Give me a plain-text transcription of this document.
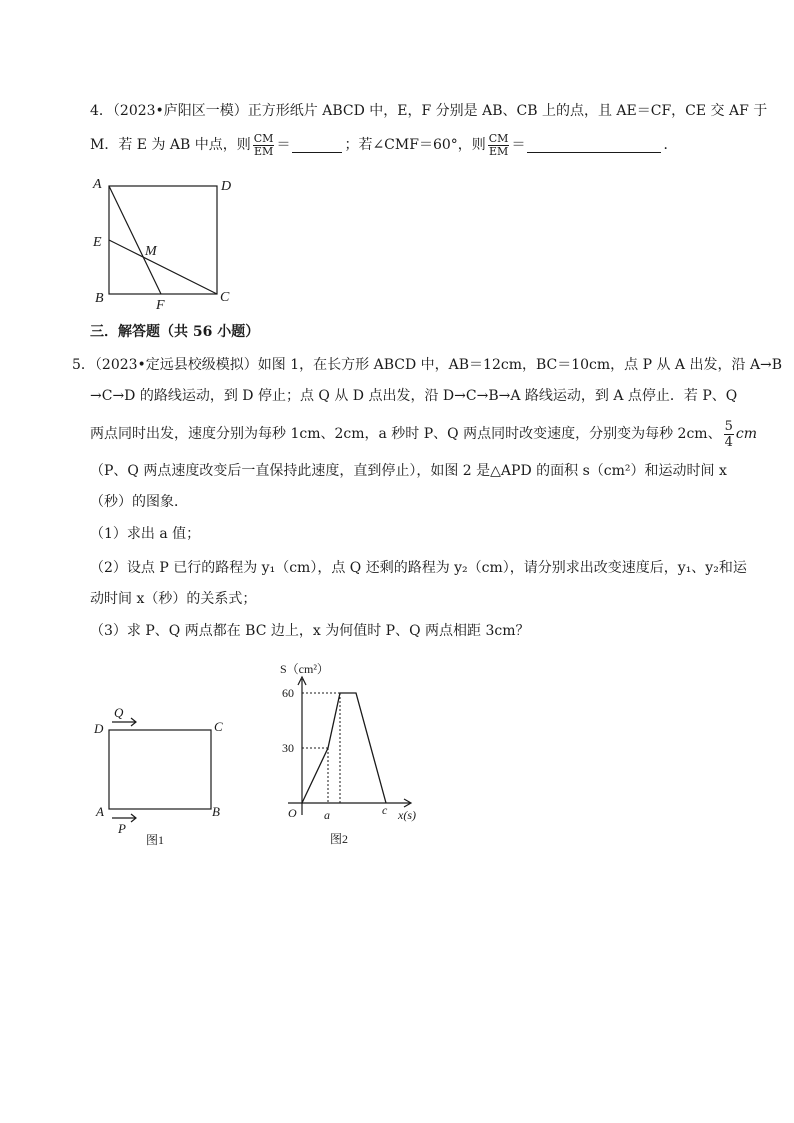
4．（2023•庐阳区一模）正方形纸片 ABCD 中，E，F 分别是 AB、CB 上的点，且 AE＝CF，CE 交 AF 于
M．若 E 为 AB 中点，则 $\frac{CM}{EM}$ ＝	；若∠CMF＝60°，则 $\frac{CM}{EM}$ ＝	．
A	D
E
M
B	F
C
三．解答题（共 56 小题）
5．（2023•定远县校级模拟）如图 1，在长方形 ABCD 中，AB＝12cm，BC＝10cm，点 P 从 A 出发，沿 A→B
→C→D 的路线运动，到 D 停止；点 Q 从 D 点出发，沿 D→C→B→A 路线运动，到 A 点停止．若 P、Q
两点同时出发，速度分别为每秒 1cm、2cm，a 秒时 P、Q 两点同时改变速度，分别变为每秒 2cm、 $\frac{5}{4}$ cm
（P、Q 两点速度改变后一直保持此速度，直到停止），如图 2 是△APD 的面积 s（cm²）和运动时间 x
（秒）的图象．
（1）求出 a 值；
（2）设点 P 已行的路程为 y₁（cm），点 Q 还剩的路程为 y₂（cm），请分别求出改变速度后，y₁、y₂和运
动时间 x（秒）的关系式；
（3）求 P、Q 两点都在 BC 边上，x 为何值时 P、Q 两点相距 3cm？
Q
D	C
A	B
P
图1
S（cm²）
60
30
O a	c x(s)
图2
